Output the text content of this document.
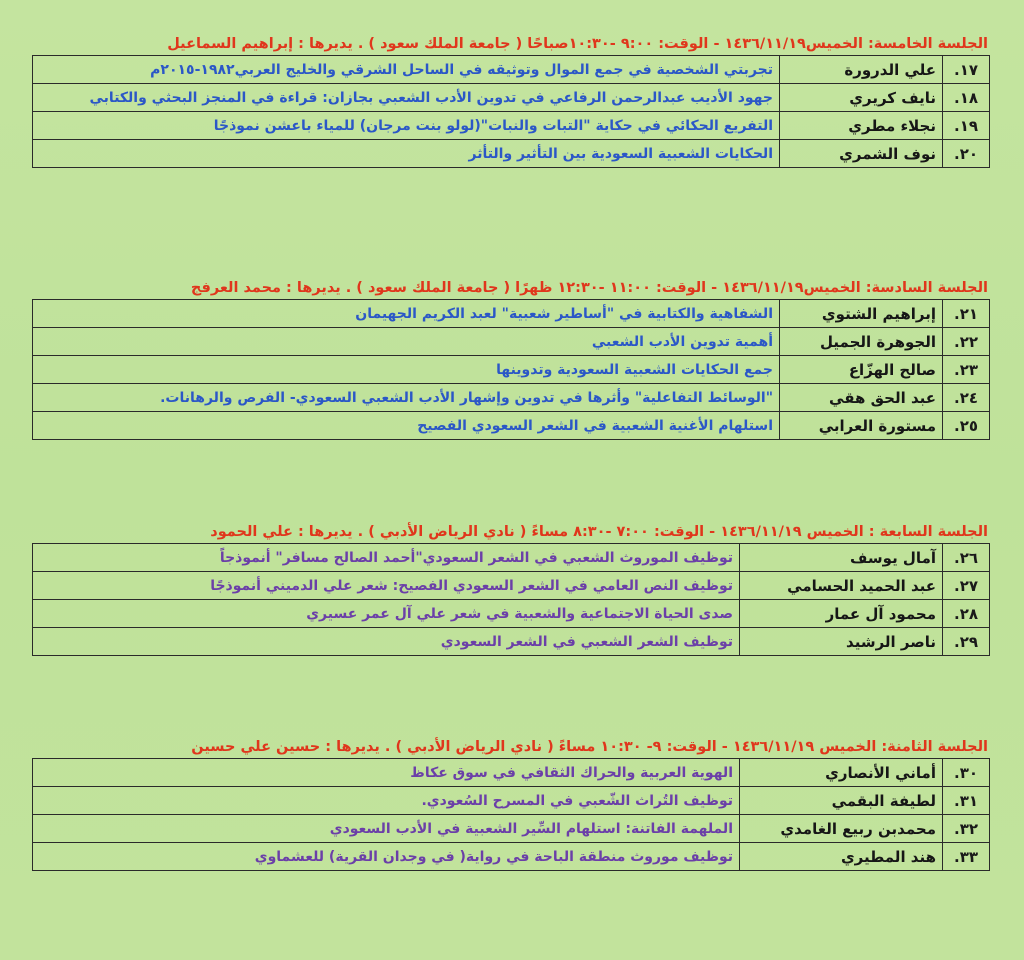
الجلسة الخامسة: الخميس١٤٣٦/١١/١٩ - الوقت: ٩:٠٠ -١٠:٣٠صباحًا ( جامعة الملك سعود ) . يديرها : إبراهيم السماعيل
١٧.	علي الدرورة	تجربتي الشخصية في جمع الموال وتوثيقه في الساحل الشرقي والخليج العربي١٩٨٢-٢٠١٥م
١٨.	نايف كريري	جهود الأديب عبدالرحمن الرفاعي في تدوين الأدب الشعبي بجازان: قراءة في المنجز البحثي والكتابي
١٩.	نجلاء مطري	التفريع الحكائي في حكاية "التبات والنبات"(لولو بنت مرجان) للمياء باعشن نموذجًا
٢٠.	نوف الشمري	الحكايات الشعبية السعودية بين التأثير والتأثر
الجلسة السادسة: الخميس١٤٣٦/١١/١٩ - الوقت: ١١:٠٠ -١٢:٣٠ ظهرًا ( جامعة الملك سعود ) . يديرها : محمد العرفج
٢١.	إبراهيم الشتوي	الشفاهية والكتابية في "أساطير شعبية" لعبد الكريم الجهيمان
٢٢.	الجوهرة الجميل	أهمية تدوين الأدب الشعبي
٢٣.	صالح الهزّاع	جمع الحكايات الشعبية السعودية وتدوينها
٢٤.	عبد الحق هقي	"الوسائط التفاعلية" وأثرها في تدوين وإشهار الأدب الشعبي السعودي- الفرص والرهانات.
٢٥.	مستورة العرابي	استلهام الأغنية الشعبية في الشعر السعودي الفصيح
الجلسة السابعة : الخميس ١٤٣٦/١١/١٩ - الوقت: ٧:٠٠ -٨:٣٠ مساءً ( نادي الرياض الأدبي ) . يديرها : علي الحمود
٢٦.	آمال يوسف	توظيف الموروث الشعبي في الشعر السعودي"أحمد الصالح مسافر" أنموذجاً
٢٧.	عبد الحميد الحسامي	توظيف النص العامي في الشعر السعودي الفصيح: شعر علي الدميني أنموذجًا
٢٨.	محمود آل عمار	صدى الحياة الاجتماعية والشعبية في شعر علي آل عمر عسيري
٢٩.	ناصر الرشيد	توظيف الشعر الشعبي في الشعر السعودي
الجلسة الثامنة: الخميس ١٤٣٦/١١/١٩ - الوقت: ٩- ١٠:٣٠ مساءً ( نادي الرياض الأدبي ) . يديرها : حسين علي حسين
٣٠.	أماني الأنصاري	الهوية العربية والحراك الثقافي في سوق عكاظ
٣١.	لطيفة البقمي	توظيف التُراث الشّعبي في المسرح السُعودي.
٣٢.	محمدبن ربيع الغامدي	الملهمة الفاتنة: استلهام السِّير الشعبية في الأدب السعودي
٣٣.	هند المطيري	توظيف موروث منطقة الباحة في رواية( في وجدان القرية) للعشماوي
